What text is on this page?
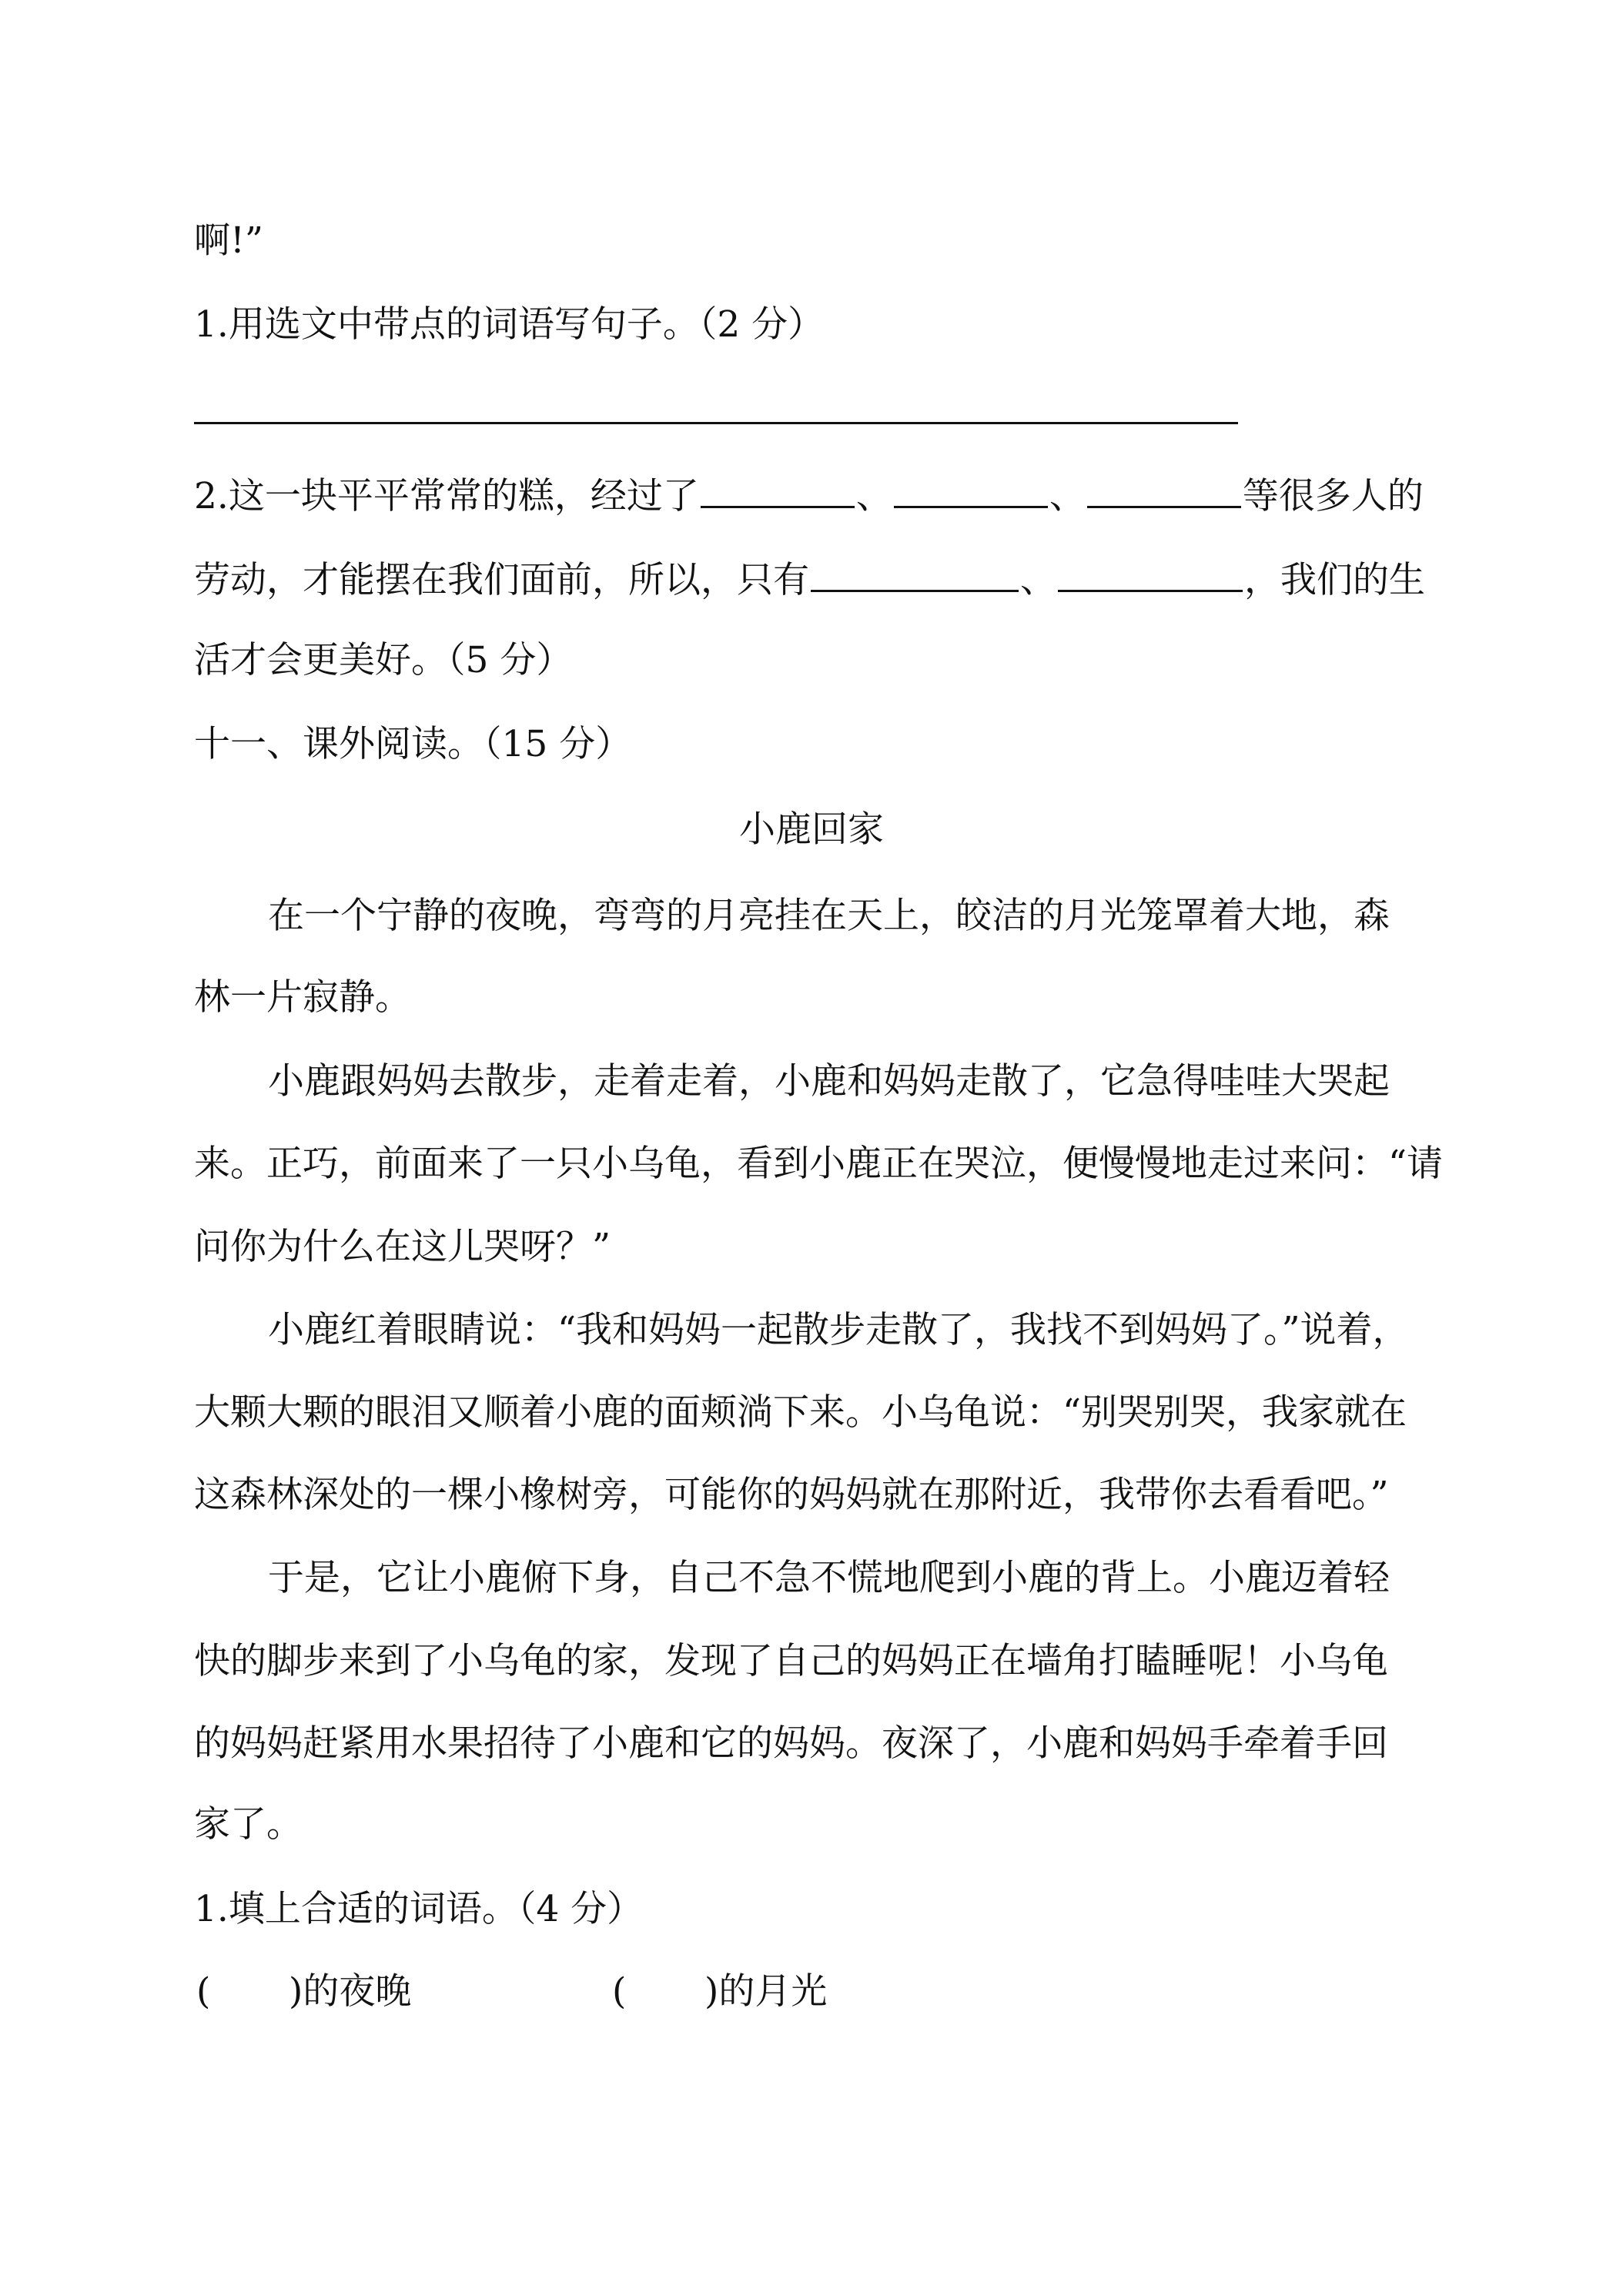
啊!”
1.用选文中带点的词语写句子。（2 分）
2.这一块平平常常的糕，经过了	、	、	等很多人的
劳动，才能摆在我们面前，所以，只有	、	，我们的生
活才会更美好。（5 分）
十一、课外阅读。（15 分）
小鹿回家
在一个宁静的夜晚，弯弯的月亮挂在天上，皎洁的月光笼罩着大地，森
林一片寂静。
小鹿跟妈妈去散步，走着走着，小鹿和妈妈走散了，它急得哇哇大哭起
来。正巧，前面来了一只小乌龟，看到小鹿正在哭泣，便慢慢地走过来问：“请
问你为什么在这儿哭呀？”
小鹿红着眼睛说：“我和妈妈一起散步走散了，我找不到妈妈了。”说着，
大颗大颗的眼泪又顺着小鹿的面颊淌下来。小乌龟说：“别哭别哭，我家就在
这森林深处的一棵小橡树旁，可能你的妈妈就在那附近，我带你去看看吧。”
于是，它让小鹿俯下身，自己不急不慌地爬到小鹿的背上。小鹿迈着轻
快的脚步来到了小乌龟的家，发现了自己的妈妈正在墙角打瞌睡呢！小乌龟
的妈妈赶紧用水果招待了小鹿和它的妈妈。夜深了，小鹿和妈妈手牵着手回
家了。
1.填上合适的词语。（4 分）
( )的夜晚	( )的月光
